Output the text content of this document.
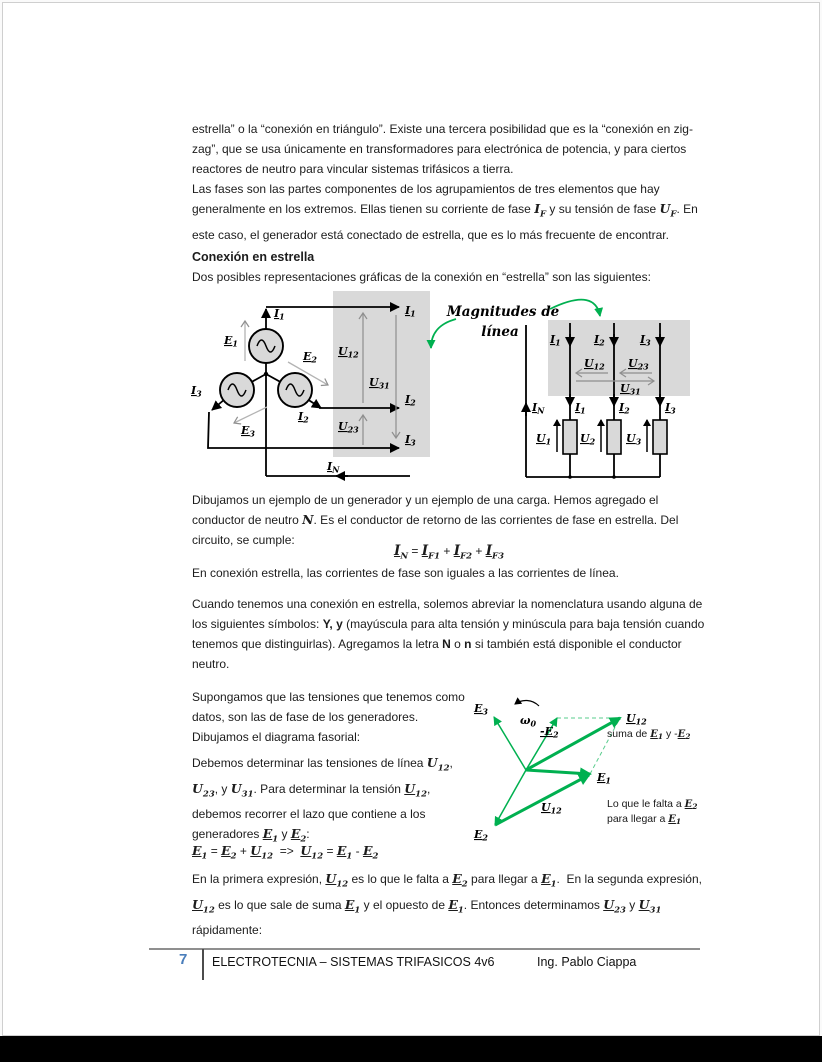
estrella” o la “conexión en triángulo”. Existe una tercera posibilidad que es la “conexión en zig-zag”, que se usa únicamente en transformadores para electrónica de potencia, y para ciertos reactores de neutro para vincular sistemas trifásicos a tierra.

Las fases son las partes componentes de los agrupamientos de tres elementos que hay generalmente en los extremos. Ellas tienen su corriente de fase $I_F$ y su tensión de fase $U_F$. En este caso, el generador está conectado de estrella, que es lo más frecuente de encontrar.

Conexión en estrella
Dos posibles representaciones gráficas de la conexión en “estrella” son las siguientes:
$I_1$
$E_1$
$E_2$
$E_3$
$I_3$
$I_2$
$I_1$
$I_2$
$I_3$
$I_N$
$U_{12}$
$U_{31}$
$U_{23}$
Magnitudes de
línea
$I_N$
$I_1$	$I_2$	$I_3$
$I_1$	$I_2$	$I_3$
$U_{12}$ $U_{23}$
$U_{31}$
$U_1$	$U_2$	$U_3$
Dibujamos un ejemplo de un generador y un ejemplo de una carga. Hemos agregado el conductor de neutro N. Es el conductor de retorno de las corrientes de fase en estrella. Del circuito, se cumple:
$I_N = I_{F1} + I_{F2} + I_{F3}$
En conexión estrella, las corrientes de fase son iguales a las corrientes de línea.
Cuando tenemos una conexión en estrella, solemos abreviar la nomenclatura usando alguna de los siguientes símbolos: Y, y (mayúscula para alta tensión y minúscula para baja tensión cuando tenemos que distinguirlas). Agregamos la letra N o n si también está disponible el conductor neutro.
Supongamos que las tensiones que tenemos como datos, son las de fase de los generadores. Dibujamos el diagrama fasorial:
Debemos determinar las tensiones de línea $U_{12}$, $U_{23}$, y $U_{31}$. Para determinar la tensión $U_{12}$, debemos recorrer el lazo que contiene a los generadores $E_1$ y $E_2$:
$E_1 = E_2 + U_{12} => U_{12} = E_1 - E_2$
$E_3$
$\omega_0$
$-E_2$
$U_{12}$
$E_1$
$E_2$
$U_{12}$
suma de E1 y -E2
Lo que le falta a E2
para llegar a E1
En la primera expresión, $U_{12}$ es lo que le falta a $E_2$ para llegar a $E_1$.  En la segunda expresión, $U_{12}$ es lo que sale de suma $E_1$ y el opuesto de $E_1$. Entonces determinamos $U_{23}$ y $U_{31}$ rápidamente:
7 ELECTROTECNIA – SISTEMAS TRIFASICOS 4v6	Ing. Pablo Ciappa
